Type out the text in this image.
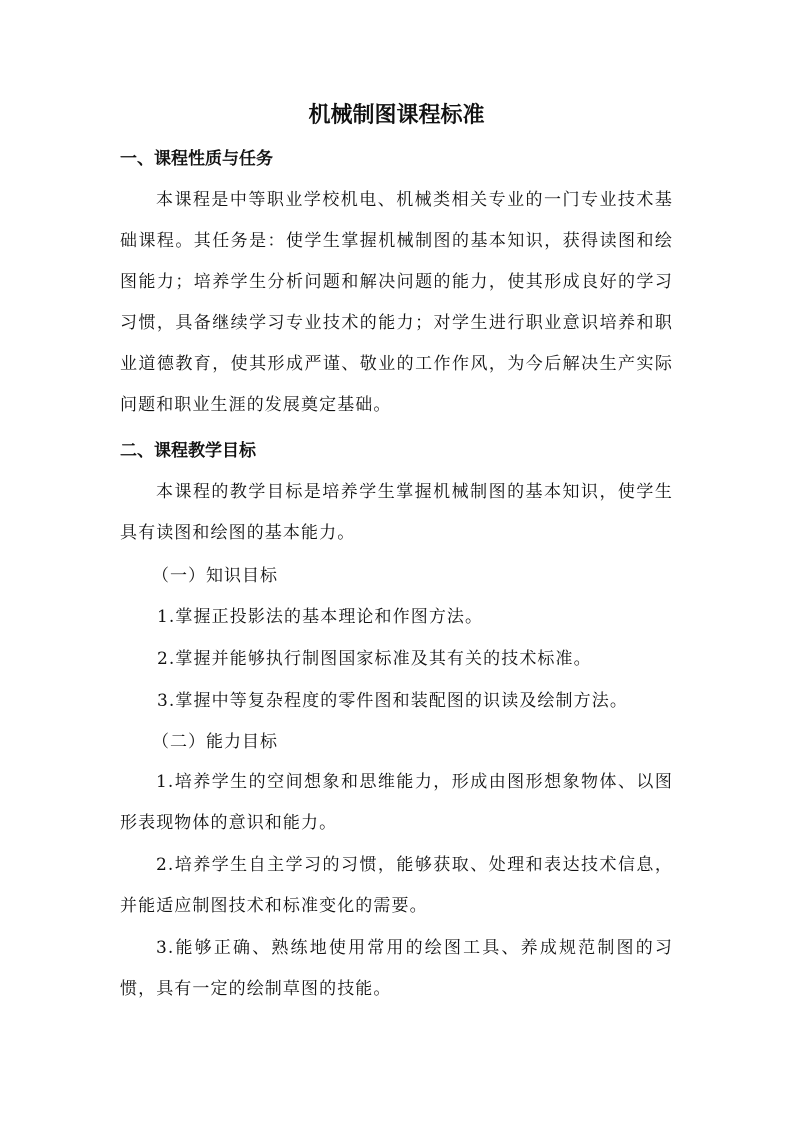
机械制图课程标准
一、课程性质与任务

本课程是中等职业学校机电、机械类相关专业的一门专业技术基础课程。其任务是：使学生掌握机械制图的基本知识，获得读图和绘图能力；培养学生分析问题和解决问题的能力，使其形成良好的学习习惯，具备继续学习专业技术的能力；对学生进行职业意识培养和职业道德教育，使其形成严谨、敬业的工作作风，为今后解决生产实际问题和职业生涯的发展奠定基础。

二、课程教学目标

本课程的教学目标是培养学生掌握机械制图的基本知识，使学生具有读图和绘图的基本能力。

（一）知识目标

1.掌握正投影法的基本理论和作图方法。

2.掌握并能够执行制图国家标准及其有关的技术标准。

3.掌握中等复杂程度的零件图和装配图的识读及绘制方法。

（二）能力目标

1.培养学生的空间想象和思维能力，形成由图形想象物体、以图形表现物体的意识和能力。

2.培养学生自主学习的习惯，能够获取、处理和表达技术信息，并能适应制图技术和标准变化的需要。

3.能够正确、熟练地使用常用的绘图工具、养成规范制图的习惯，具有一定的绘制草图的技能。
